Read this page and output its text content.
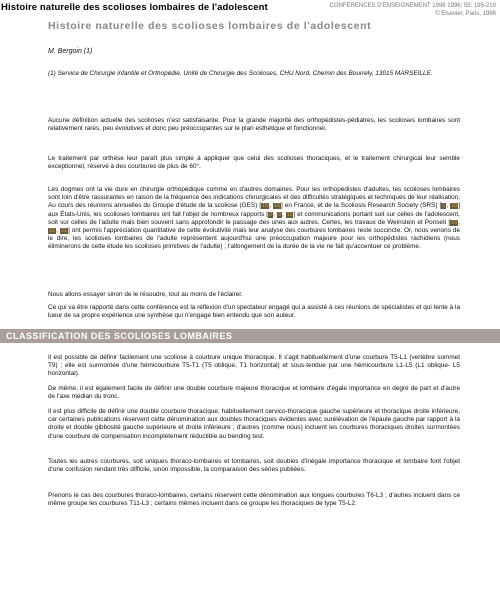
Histoire naturelle des scolioses lombaires de l'adolescent	CONFÉRENCES D'ENSEIGNEMENT 1996 1996; 55: 195-210
© Elsevier, Paris, 1996
Histoire naturelle des scolioses lombaires de l'adolescent
M. Bergoin (1)
(1) Service de Chirurgie infantile et Orthopédie, Unité de Chirurgie des Scolioses, CHU Nord, Chemin des Bourrely, 13015 MARSEILLE.

Aucune définition actuelle des scolioses n'est satisfaisante. Pour la grande majorité des orthopédistes-pédiatres, les scolioses lombaires sont relativement rares, peu évolutives et donc peu préoccupantes sur le plan esthétique et fonctionnel.

Le traitement par orthèse leur paraît plus simple à appliquer que celui des scolioses thoraciques, et le traitement chirurgical leur semble exceptionnel, réservé à des courbures de plus de 60°.

Les dogmes ont la vie dure en chirurgie orthopédique comme en d'autres domaines. Pour les orthopédistes d'adultes, les scolioses lombaires sont loin d'être rassurantes en raison de la fréquence des indications chirurgicales et des difficultés stratégiques et techniques de leur réalisation. Au cours des réunions annuelles du Groupe d'étude de la scoliose (GES) [15, 16] en France, et de la Scoliosis Research Society (SRS) [1, 10] aux États-Unis, les scolioses lombaires ont fait l'objet de nombreux rapports [2, 3, 11] et communications portant soit sur celles de l'adolescent, soit sur celles de l'adulte mais bien souvent sans approfondir le passage des unes aux autres. Certes, les travaux de Weinstein et Ponseti [19, 20, 21] ont permis l'appréciation quantitative de cette évolutivité mais leur analyse des courbures lombaires reste succincte. Or, nous venons de le dire, les scolioses lombaires de l'adulte représentent aujourd'hui une préoccupation majeure pour les orthopédistes rachidiens (nous éliminerons de cette étude les scolioses primitives de l'adulte) ; l'allongement de la durée de la vie ne fait qu'accentuer ce problème.

Nous allons essayer sinon de le résoudre, tout au moins de l'éclairer.

Ce qui va être rapporté dans cette conférence est la réflexion d'un spectateur engagé qui a assisté à ces réunions de spécialistes et qui tente à la lueur de sa propre expérience une synthèse qui n'engage bien entendu que son auteur.

CLASSIFICATION DES SCOLIOSES LOMBAIRES

Il est possible de définir facilement une scoliose à courbure unique thoracique. Il s'agit habituellement d'une courbure T5-L1 (vertèbre sommet T9) ; elle est surmontée d'une hémicourbure T5-T1 (T5 oblique, T1 horizontal) et sous-tendue par une hémicourbure L1-L5 (L1 oblique- L5 horizontal).

De même, il est également facile de définir une double courbure majeure thoracique et lombaire d'égale importance en degré de part et d'autre de l'axe médian du tronc.

Il est plus difficile de définir une double courbure thoracique, habituellement cervico-thoracique gauche supérieure et thoracique droite inférieure, car certaines publications réservent cette dénomination aux doubles thoraciques évidentes avec surélévation de l'épaule gauche par rapport à la droite et double gibbosité gauche supérieure et droite inférieure ; d'autres (comme nous) incluent les courbures thoraciques droites surmontées d'une courbure de compensation incomplètement réductible au bending test.

Toutes les autres courbures, soit uniques thoraco-lombaires et lombaires, soit doubles d'inégale importance thoracique et lombaire font l'objet d'une confusion rendant très difficile, sinon impossible, la comparaison des séries publiées.

Prenons le cas des courbures thoraco-lombaires, certains réservent cette dénomination aux longues courbures T6-L3 ; d'autres incluent dans ce même groupe les courbures T11-L3 ; certains mêmes incluent dans ce groupe les thoraciques de type T5-L2.
